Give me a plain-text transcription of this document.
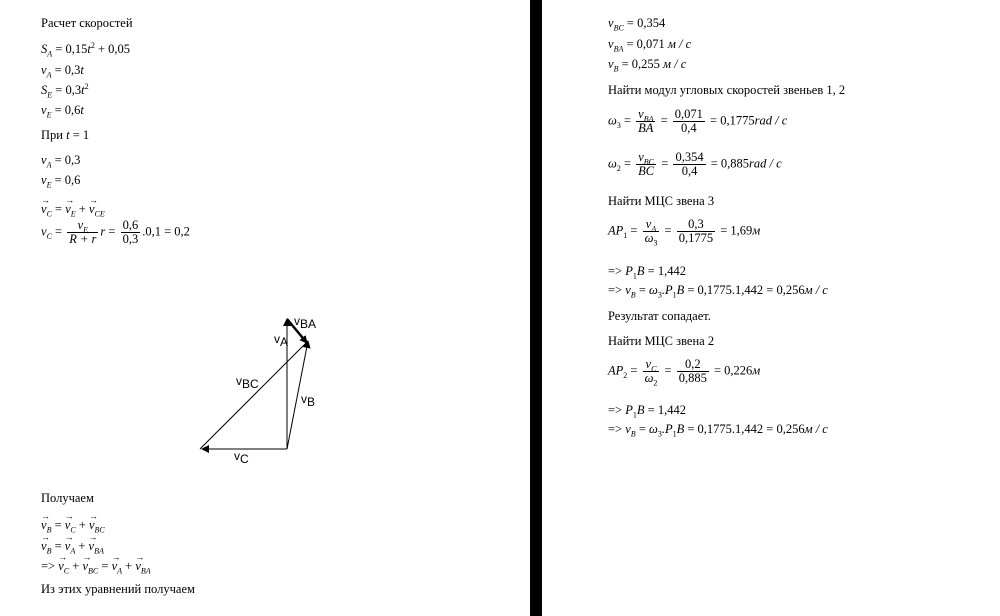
Расчет скоростей
$S_A = 0,15t^2 + 0,05$
$v_A = 0,3t$
$S_E = 0,3t^2$
$v_E = 0,6t$
При t = 1
$v_A = 0,3$
$v_E = 0,6$
→ $v_C$ = → $v_E$ + → $v_{CE}$
$v_C = \frac{v_E}{R + r}$ $r = \frac{0,6}{0,3} .0,1 = 0,2$
vA
vBA
vBC
vB
vC
Получаем
→ $v_B$ = → $v_C$ + → $v_{BC}$
→ $v_B$ = → $v_A$ + → $v_{BA}$
=> → $v_C$ + → $v_{BC}$ = → $v_A$ + → $v_{BA}$
Из этих уравнений получаем
$v_{BC} = 0,354$
$v_{BA} = 0,071$ м / с
$v_B = 0,255$ м / с
Найти модул угловых скоростей звеньев 1, 2
$\omega_3 = \frac{v_{BA}}{BA} = \frac{0,071}{0,4} = 0,1775rad / c$
$\omega_2 = \frac{v_{BC}}{BC} = \frac{0,354}{0,4} = 0,885rad / c$
Найти МЦС звена 3
$AP_1 = \frac{v_A}{\omega_3} = \frac{0,3}{0,1775} = 1,69м$
=> $P_1B = 1,442$
=> $v_B = \omega_3.P_1B = 0,1775.1,442 = 0,256м / с$
Результат сопадает.
Найти МЦС звена 2
$AP_2 = \frac{v_C}{\omega_2} = \frac{0,2}{0,885} = 0,226м$
=> $P_1B = 1,442$
=> $v_B = \omega_3.P_1B = 0,1775.1,442 = 0,256м / с$
